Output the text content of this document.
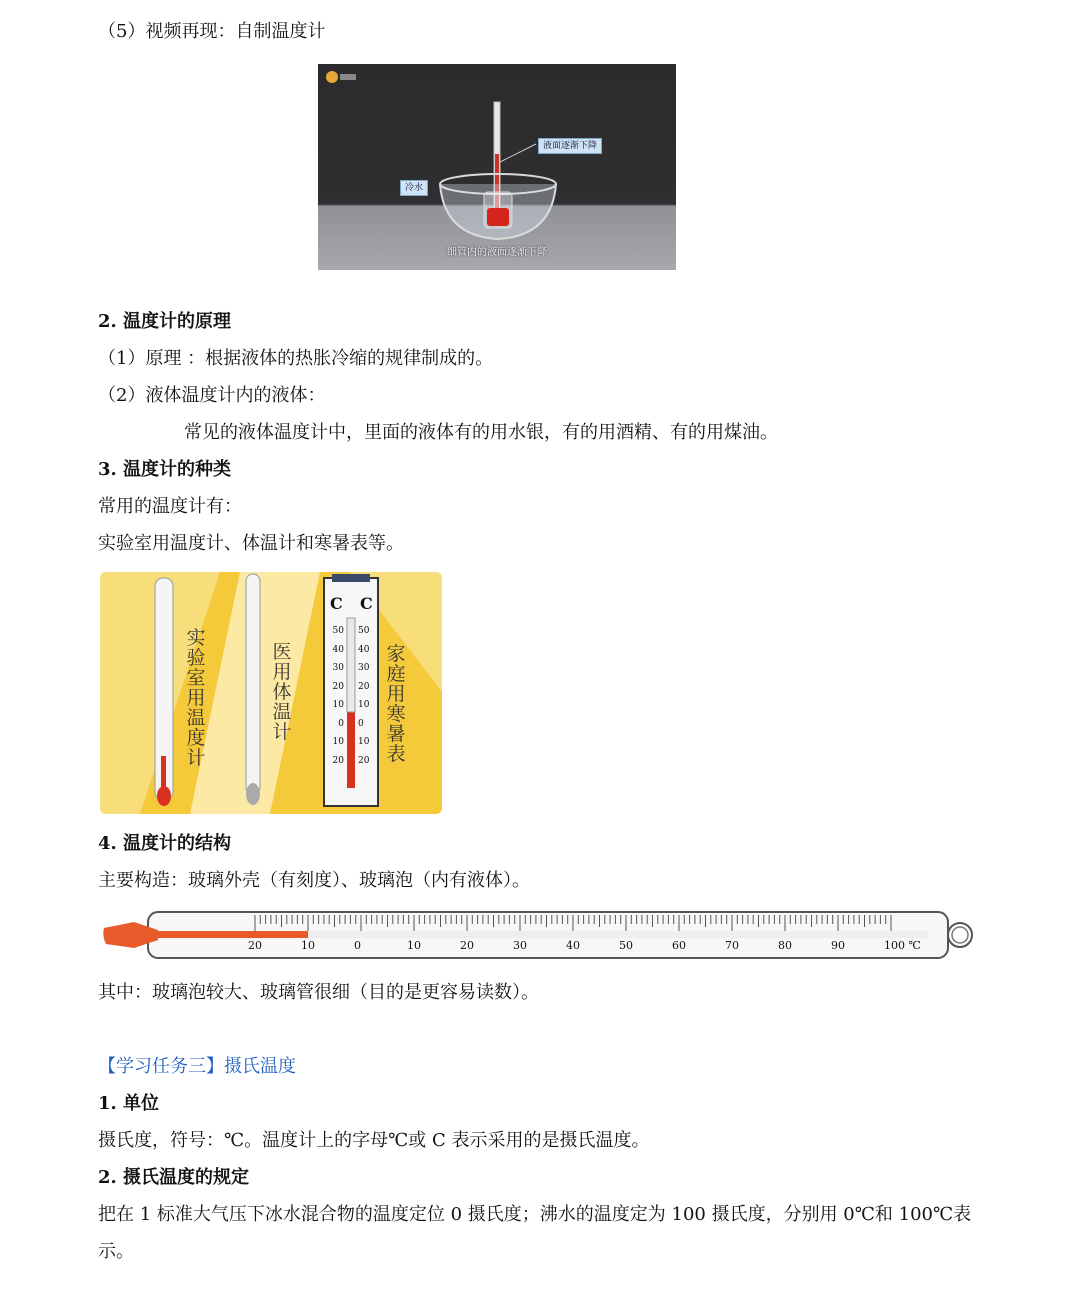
（5）视频再现：自制温度计
液面逐渐下降
冷水
细管内的液面逐渐下降
2. 温度计的原理
（1）原理 ：根据液体的热胀冷缩的规律制成的。
（2）液体温度计内的液体：
常见的液体温度计中，里面的液体有的用水银，有的用酒精、有的用煤油。
3. 温度计的种类
常用的温度计有：
实验室用温度计、体温计和寒暑表等。
实验室用温度计
医用体温计
家庭用寒暑表
C C
50
40
30
20
10
0
10
20
50
40
30
20
10
0
10
20
4. 温度计的结构
主要构造：玻璃外壳（有刻度）、玻璃泡（内有液体）。
20	10	0	10	20	30	40	50	60	70	80	90	100 ℃
其中：玻璃泡较大、玻璃管很细（目的是更容易读数）。
【学习任务三】摄氏温度
1. 单位
摄氏度，符号：℃。温度计上的字母℃或 C 表示采用的是摄氏温度。
2. 摄氏温度的规定
把在 1 标准大气压下冰水混合物的温度定位 0 摄氏度；沸水的温度定为 100 摄氏度，分别用 0℃和 100℃表
示。
